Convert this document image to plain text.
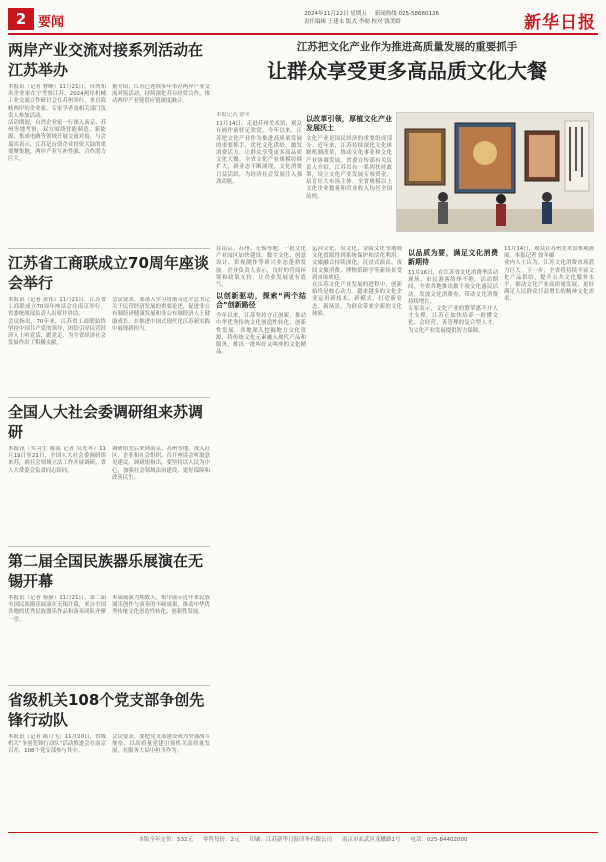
2 要闻
2024年11月22日 星期五 新闻热线 025-58680126
责任编辑 王建永 版式 李勋 校对 钱美龄	新华日报
两岸产业交流对接系列活动在江苏举办

本报讯（记者 曹峰）11月21日，台湾知名企业家在宁考察江苏，2024两岸机械工业交流合作研讨会在苏州举行，来自海峡两岸的企业家、专家学者及相关部门负责人参加活动。

活动期间，台湾企业家一行深入南京、苏州等地考察，双方围绕智能制造、新能源、集成电路等领域开展交流对接。与会嘉宾表示，江苏是台资企业投资大陆的重要聚集地，两岸产业互补性强、合作潜力巨大。

据介绍，江苏已连续多年举办两岸产业交流对接活动，持续深化苏台经贸合作，推动两岸产业链供应链深度融合。

江苏省工商联成立70周年座谈会举行

本报讯（记者 黄伟）11月21日，江苏省工商联成立70周年座谈会在南京举行。省委统战部负责人出席并讲话。

会议指出，70年来，江苏省工商联始终坚持中国共产党的领导，团结引导民营经济人士听党话、跟党走，为全省经济社会发展作出了积极贡献。

会议要求，要深入学习贯彻习近平总书记关于民营经济发展的重要论述，促进非公有制经济健康发展和非公有制经济人士健康成长，在推进中国式现代化江苏新实践中展现新担当。

全国人大社会委调研组来苏调研

本报讯（实习生 陈凯 记者 吴先冬）11月19日至21日，全国人大社会委调研组来苏，就社会领域立法工作开展调研，省人大常委会负责同志陪同。

调研组先后来到南京、苏州等地，深入社区、企业和社会组织，召开座谈会听取意见建议。调研组指出，要坚持以人民为中心，加强社会领域法治建设，更好保障和改善民生。

第二届全国民族器乐展演在无锡开幕

本报讯（记者 蔡静）11月21日，第二届全国民族器乐展演在无锡开幕，来自全国各地的优秀民族器乐作品和演奏团队齐聚一堂。

本届展演为期数天，集中展示近年来民族器乐创作与演奏的丰硕成果，推动中华优秀传统文化创造性转化、创新性发展。

省级机关108个党支部争创先锋行动队

本报讯（记者 陈月飞）11月20日，省级机关“争创先锋行动队”活动推进会在南京召开，108个党支部参与其中。

会议要求，要把党支部建设成为坚强战斗堡垒，以高质量党建引领机关高质量发展，在服务大局中担当作为。

江苏把文化产业作为推进高质量发展的重要抓手
让群众享受更多高品质文化大餐
本报记者 徐冬

11月14日，走进苏州美术馆，观众在画作前驻足欣赏。今年以来，江苏把文化产业作为推进高质量发展的重要抓手，优化文化供给，激发消费活力，让群众享受更多高品质文化大餐。全省文化产业规模持续扩大，新业态不断涌现，文化消费日益活跃，为经济社会发展注入强劲动能。

以改革引领，厚植文化产业发展沃土

文化产业是国民经济的重要组成部分。近年来，江苏持续深化文化体制机制改革，推动文化事业和文化产业协调发展。省委宣传部有关负责人介绍，江苏出台一系列扶持政策，设立文化产业发展专项资金，培育壮大市场主体。全省规模以上文化企业数量和营业收入均居全国前列。

在南京、苏州、无锡等地，一批文化产业园区加快建设，数字文化、创意设计、影视制作等新兴业态蓬勃发展。企业负责人表示，良好的营商环境和政策支持，让企业发展更有底气。

以创新驱动，探索“两个结合”创新路径

今年以来，江苏坚持守正创新，推动中华优秀传统文化创造性转化、创新性发展。各地深入挖掘地方文化资源，将传统文化元素融入现代产品和服务，推出一批叫好又叫座的文化精品。

运河文化、吴文化、金陵文化等地域文化资源得到系统保护和活化利用。文旅融合持续深化，沉浸式演出、夜间文旅消费、博物馆研学等新场景受到市场欢迎。

在江苏文化产业发展的进程中，创新始终是核心动力。越来越多的文化企业运用新技术、新模式，打造新业态、新场景，为群众带来全新的文化体验。

以品质为要，满足文化消费新期待

11月16日，在江苏省文化消费季活动现场，市民游客络绎不绝。活动期间，全省各地推出数千项文化惠民活动，发放文化消费券，带动文化消费持续增长。

专家表示，文化产业的繁荣离不开人才支撑。江苏正加快培养一批懂文化、会经营、善管理的复合型人才，为文化产业发展提供智力保障。

11月14日，观众在苏州美术馆参观画展。本报记者 徐冬摄

业内人士认为，江苏文化消费市场潜力巨大。下一步，全省将持续丰富文化产品供给，提升公共文化服务水平，推动文化产业高质量发展，更好满足人民群众日益增长的精神文化需求。

本版全年定价：532元 零售每份：2元 印刷：江苏新华日报印务有限公司 南京市玄武区龙蟠路1号 电话：025-84402000
